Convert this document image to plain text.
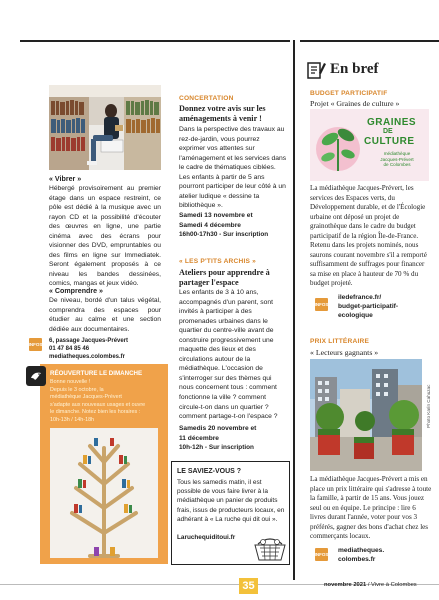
« Vibrer »
Hébergé provisoirement au premier étage dans un espace restreint, ce pôle est dédié à la musique avec un rayon CD et la possibilité d'écouter des œuvres en ligne, une partie cinéma avec des écrans pour visionner des DVD, empruntables ou des films en ligne sur Immediatek. Seront également proposés à ce niveau les bandes dessinées, comics, mangas et jeux vidéo.
« Comprendre »
De niveau, bordé d'un talus végétal, comprendra des espaces pour étudier au calme et une section dédiée aux documentaires.
INFOS
6, passage Jacques-Prévert
01 47 84 85 46
mediatheques.colombes.fr
RÉOUVERTURE LE DIMANCHE
Bonne nouvelle !
Depuis le 3 octobre, la
médiathèque Jacques-Prévert
s'adapte aux nouveaux usages et ouvre
le dimanche. Notez bien les horaires :
10h-13h / 14h-18h
CONCERTATION
Donnez votre avis sur les aménagements à venir !
Dans la perspective des travaux au rez-de-jardin, vous pourrez exprimer vos attentes sur l'aménagement et les services dans le cadre de thématiques ciblées. Les enfants à partir de 5 ans pourront participer de leur côté à un atelier ludique « dessine ta bibliothèque ».
Samedi 13 novembre et Samedi 4 décembre
16h00-17h30 - Sur inscription
« LES P'TITS ARCHIS »
Ateliers pour apprendre à partager l'espace
Les enfants de 3 à 10 ans, accompagnés d'un parent, sont invités à participer à des promenades urbaines dans le quartier du centre-ville avant de construire progressivement une maquette des lieux et des circulations autour de la médiathèque. L'occasion de s'interroger sur des thèmes qui nous concernent tous : comment fonctionne la ville ? comment circule-t-on dans un quartier ? comment partage-t-on l'espace ?
Samedis 20 novembre et 11 décembre
10h-12h - Sur inscription
LE SAVIEZ-VOUS ?
Tous les samedis matin, il est possible de vous faire livrer à la médiathèque un panier de produits frais, issus de producteurs locaux, en adhérant à « La ruche qui dit oui ».
Laruchequiditoui.fr
En bref
BUDGET PARTICIPATIF
Projet « Graines de culture »
GRAINES
DE
CULTURE
médiathèque
Jacques-Prévert
de Colombes
La médiathèque Jacques-Prévert, les services des Espaces verts, du Développement durable, et de l'Écologie urbaine ont déposé un projet de grainothèque dans le cadre du budget participatif de la région Île-de-France. Retenu dans les projets nominés, nous saurons courant novembre s'il a remporté suffisamment de suffrages pour financer sa mise en place à hauteur de 70 % du budget projeté.
INFOS
iledefrance.fr/
budget-participatif-
ecologique
PRIX LITTÉRAIRE
« Lecteurs gagnants »
Photo Karin Cahuzac
La médiathèque Jacques-Prévert a mis en place un prix littéraire qui s'adresse à toute la famille, à partir de 15 ans. Vous jouez seul ou en équipe. Le principe : lire 6 livres durant l'année, voter pour vos 3 préférés, gagner des bons d'achat chez les commerçants locaux.
INFOS
mediatheques.
colombes.fr
35	novembre 2021 / Vivre à Colombes
